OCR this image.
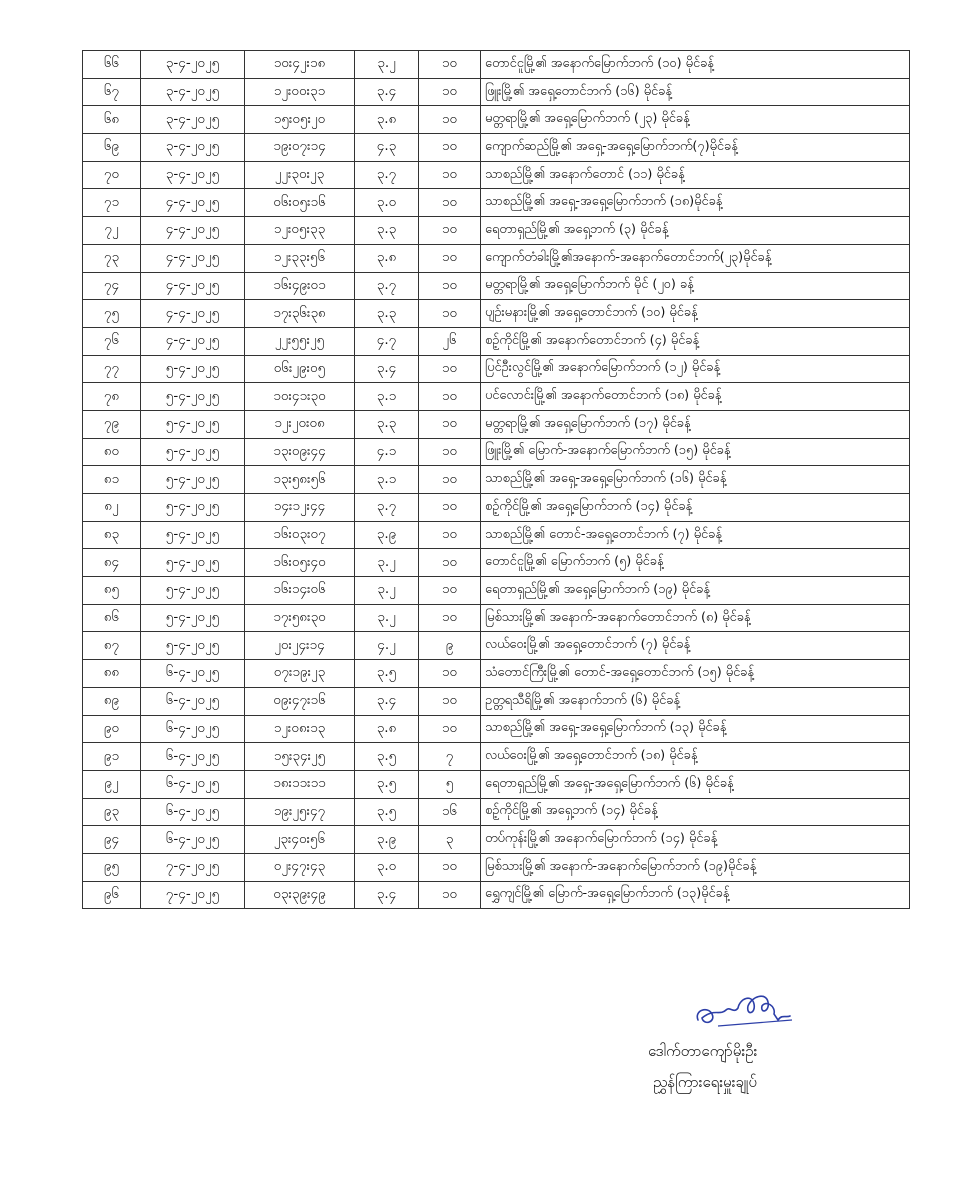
၆၆	၃-၄-၂၀၂၅	၁၀း၄၂း၁၈	၃.၂	၁၀	တောင်ငူမြို့၏ အနောက်မြောက်ဘက် (၁၀) မိုင်ခန့်
၆၇	၃-၄-၂၀၂၅	၁၂း၀၀း၃၁	၃.၄	၁၀	ဖြူးမြို့၏ အရှေ့တောင်ဘက် (၁၆) မိုင်ခန့်
၆၈	၃-၄-၂၀၂၅	၁၅း၀၅း၂၀	၃.၈	၁၀	မတ္တရာမြို့၏ အရှေ့မြောက်ဘက် (၂၃) မိုင်ခန့်
၆၉	၃-၄-၂၀၂၅	၁၉း၀၇း၁၄	၄.၃	၁၀	ကျောက်ဆည်မြို့၏ အရှေ့-အရှေ့မြောက်ဘက်(၇)မိုင်ခန့်
၇၀	၃-၄-၂၀၂၅	၂၂း၃၀း၂၃	၃.၇	၁၀	သာစည်မြို့၏ အနောက်တောင် (၁၁) မိုင်ခန့်
၇၁	၄-၄-၂၀၂၅	၀၆း၀၅း၁၆	၃.၀	၁၀	သာစည်မြို့၏ အရှေ့-အရှေ့မြောက်ဘက် (၁၈)မိုင်ခန့်
၇၂	၄-၄-၂၀၂၅	၁၂း၀၅း၃၃	၃.၃	၁၀	ရေတာရှည်မြို့၏ အရှေ့ဘက် (၃) မိုင်ခန့်
၇၃	၄-၄-၂၀၂၅	၁၂း၃၃း၅၆	၃.၈	၁၀	ကျောက်တံခါးမြို့၏အနောက်-အနောက်တောင်ဘက်(၂၃)မိုင်ခန့်
၇၄	၄-၄-၂၀၂၅	၁၆း၄၉း၀၁	၃.၇	၁၀	မတ္တရာမြို့၏ အရှေ့မြောက်ဘက် မိုင် (၂၀) ခန့်
၇၅	၄-၄-၂၀၂၅	၁၇း၃၆း၃၈	၃.၃	၁၀	ပျဉ်းမနားမြို့၏ အရှေ့တောင်ဘက် (၁၀) မိုင်ခန့်
၇၆	၄-၄-၂၀၂၅	၂၂း၅၅း၂၅	၄.၇	၂၆	စဉ့်ကိုင်မြို့၏ အနောက်တောင်ဘက် (၄) မိုင်ခန့်
၇၇	၅-၄-၂၀၂၅	၀၆း၂၉း၀၅	၃.၄	၁၀	ပြင်ဦးလွင်မြို့၏ အနောက်မြောက်ဘက် (၁၂) မိုင်ခန့်
၇၈	၅-၄-၂၀၂၅	၁၀း၄၁း၃၀	၃.၁	၁၀	ပင်လောင်းမြို့၏ အနောက်တောင်ဘက် (၁၈) မိုင်ခန့်
၇၉	၅-၄-၂၀၂၅	၁၂း၂၀း၀၈	၃.၃	၁၀	မတ္တရာမြို့၏ အရှေ့မြောက်ဘက် (၁၇) မိုင်ခန့်
၈၀	၅-၄-၂၀၂၅	၁၃း၀၉း၄၄	၄.၁	၁၀	ဖြူးမြို့၏ မြောက်-အနောက်မြောက်ဘက် (၁၅) မိုင်ခန့်
၈၁	၅-၄-၂၀၂၅	၁၃း၅၈း၅၆	၃.၁	၁၀	သာစည်မြို့၏ အရှေ့-အရှေ့မြောက်ဘက် (၁၆) မိုင်ခန့်
၈၂	၅-၄-၂၀၂၅	၁၄း၁၂း၄၄	၃.၇	၁၀	စဉ့်ကိုင်မြို့၏ အရှေ့မြောက်ဘက် (၁၄) မိုင်ခန့်
၈၃	၅-၄-၂၀၂၅	၁၆း၀၃း၀၇	၃.၉	၁၀	သာစည်မြို့၏ တောင်-အရှေ့တောင်ဘက် (၇) မိုင်ခန့်
၈၄	၅-၄-၂၀၂၅	၁၆း၀၅း၄၀	၃.၂	၁၀	တောင်ငူမြို့၏ မြောက်ဘက် (၅) မိုင်ခန့်
၈၅	၅-၄-၂၀၂၅	၁၆း၁၄း၀၆	၃.၂	၁၀	ရေတာရှည်မြို့၏ အရှေ့မြောက်ဘက် (၁၉) မိုင်ခန့်
၈၆	၅-၄-၂၀၂၅	၁၇း၅၈း၃၀	၃.၂	၁၀	မြစ်သားမြို့၏ အနောက်-အနောက်တောင်ဘက် (၈) မိုင်ခန့်
၈၇	၅-၄-၂၀၂၅	၂၀း၂၄း၁၄	၄.၂	၉	လယ်ဝေးမြို့၏ အရှေ့တောင်ဘက် (၇) မိုင်ခန့်
၈၈	၆-၄-၂၀၂၅	၀၇း၁၉း၂၃	၃.၅	၁၀	သံတောင်ကြီးမြို့၏ တောင်-အရှေ့တောင်ဘက် (၁၅) မိုင်ခန့်
၈၉	၆-၄-၂၀၂၅	၀၉း၄၇း၁၆	၃.၄	၁၀	ဥတ္တရသီရိမြို့၏ အနောက်ဘက် (၆) မိုင်ခန့်
၉၀	၆-၄-၂၀၂၅	၁၂း၀၈း၁၃	၃.၈	၁၀	သာစည်မြို့၏ အရှေ့-အရှေ့မြောက်ဘက် (၁၃) မိုင်ခန့်
၉၁	၆-၄-၂၀၂၅	၁၅း၃၄း၂၅	၃.၅	၇	လယ်ဝေးမြို့၏ အရှေ့တောင်ဘက် (၁၈) မိုင်ခန့်
၉၂	၆-၄-၂၀၂၅	၁၈း၁၁း၁၁	၃.၅	၅	ရေတာရှည်မြို့၏ အရှေ့-အရှေ့မြောက်ဘက် (၆) မိုင်ခန့်
၉၃	၆-၄-၂၀၂၅	၁၉း၂၅း၄၇	၃.၅	၁၆	စဉ့်ကိုင်မြို့၏ အရှေ့ဘက် (၁၄) မိုင်ခန့်
၉၄	၆-၄-၂၀၂၅	၂၃း၄၀း၅၆	၃.၉	၃	တပ်ကုန်းမြို့၏ အနောက်မြောက်ဘက် (၁၄) မိုင်ခန့်
၉၅	၇-၄-၂၀၂၅	၀၂း၄၇း၄၃	၃.၀	၁၀	မြစ်သားမြို့၏ အနောက်-အနောက်မြောက်ဘက် (၁၉)မိုင်ခန့်
၉၆	၇-၄-၂၀၂၅	၀၃း၃၉း၄၉	၃.၄	၁၀	ရွှေကျင်မြို့၏ မြောက်-အရှေ့မြောက်ဘက် (၁၃)မိုင်ခန့်
ဒေါက်တာကျော်မိုးဦး
ညွှန်ကြားရေးမှူးချုပ်
